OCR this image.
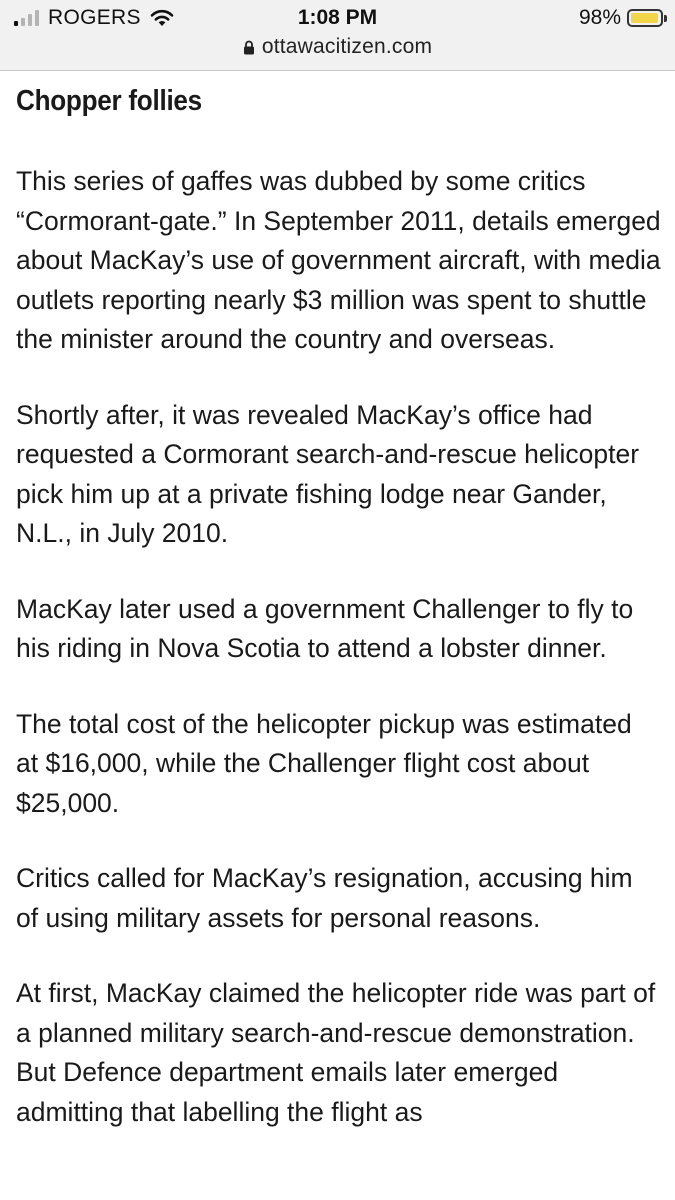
ROGERS	1:08 PM	98%
ottawacitizen.com
Chopper follies

This series of gaffes was dubbed by some critics “Cormorant-gate.” In September 2011, details emerged about MacKay’s use of government aircraft, with media outlets reporting nearly $3 million was spent to shuttle the minister around the country and overseas.

Shortly after, it was revealed MacKay’s office had requested a Cormorant search-and-rescue helicopter pick him up at a private fishing lodge near Gander, N.L., in July 2010.

MacKay later used a government Challenger to fly to his riding in Nova Scotia to attend a lobster dinner.

The total cost of the helicopter pickup was estimated at $16,000, while the Challenger flight cost about $25,000.

Critics called for MacKay’s resignation, accusing him of using military assets for personal reasons.

At first, MacKay claimed the helicopter ride was part of a planned military search-and-rescue demonstration. But Defence department emails later emerged admitting that labelling the flight as
